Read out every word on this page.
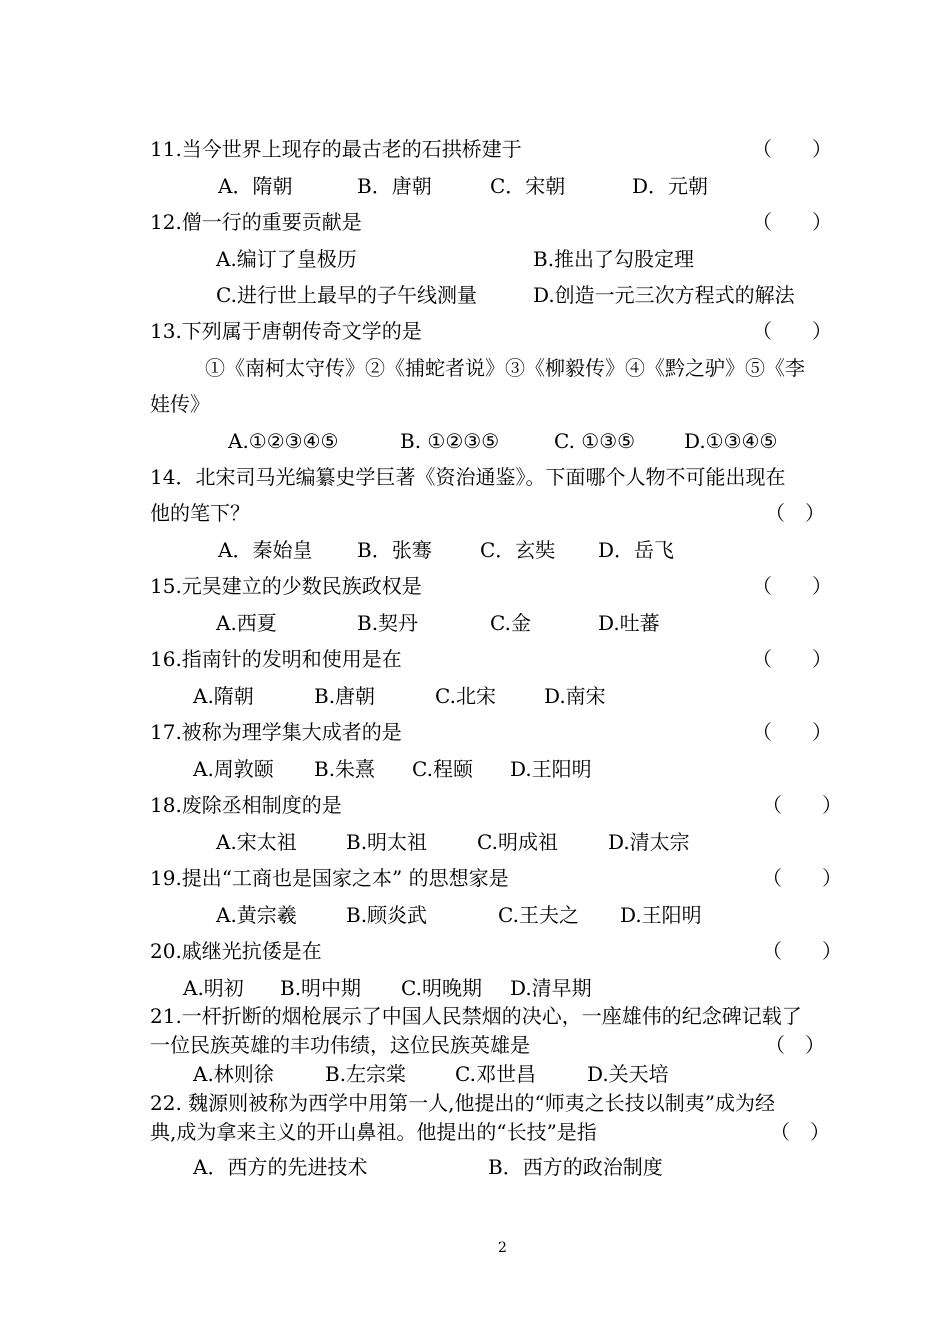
11.当今世界上现存的最古老的石拱桥建于	（　　）
A．隋朝	B．唐朝	C．宋朝	D．元朝
12.僧一行的重要贡献是	（　　）
A.编订了皇极历	B.推出了勾股定理
C.进行世上最早的子午线测量	D.创造一元三次方程式的解法
13.下列属于唐朝传奇文学的是	（　　）
①《南柯太守传》②《捕蛇者说》③《柳毅传》④《黔之驴》⑤《李
娃传》
A.①②③④⑤	B. ①②③⑤	C. ①③⑤ D.①③④⑤
14．北宋司马光编纂史学巨著《资治通鉴》。下面哪个人物不可能出现在
他的笔下？	（　）
A．秦始皇 B．张骞 C．玄奘 D．岳飞
15.元昊建立的少数民族政权是	（　　）
A.西夏	B.契丹	C.金	D.吐蕃
16.指南针的发明和使用是在	（　　）
A.隋朝	B.唐朝	C.北宋 D.南宋
17.被称为理学集大成者的是	（　　）
A.周敦颐 B.朱熹 C.程颐 D.王阳明
18.废除丞相制度的是	（　　）
A.宋太祖 B.明太祖 C.明成祖	D.清太宗
19.提出“工商也是国家之本” 的思想家是	（　　）
A.黄宗羲 B.顾炎武	C.王夫之 D.王阳明
20.戚继光抗倭是在	（　　）
A.明初 B.明中期 C.明晚期 D.清早期
21.一杆折断的烟枪展示了中国人民禁烟的决心，一座雄伟的纪念碑记载了
一位民族英雄的丰功伟绩，这位民族英雄是	（　）
A.林则徐	B.左宗棠 C.邓世昌	D.关天培
22. 魏源则被称为西学中用第一人,他提出的“师夷之长技以制夷”成为经
典,成为拿来主义的开山鼻祖。他提出的“长技”是指	（　）
A．西方的先进技术	B．西方的政治制度
2
